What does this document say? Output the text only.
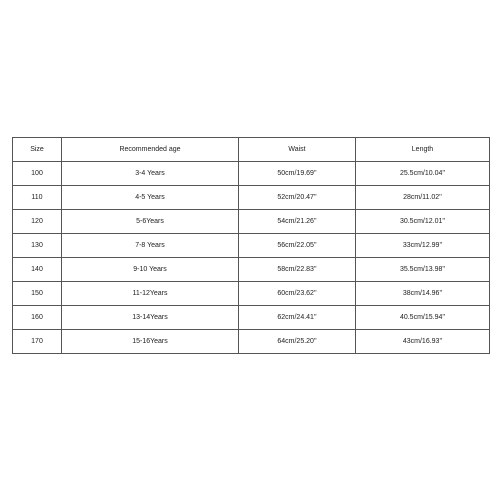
Size	Recommended age	Waist	Length
100	3-4 Years	50cm/19.69''	25.5cm/10.04''
110	4-5 Years	52cm/20.47''	28cm/11.02''
120	5-6Years	54cm/21.26''	30.5cm/12.01''
130	7-8 Years	56cm/22.05''	33cm/12.99''
140	9-10 Years	58cm/22.83''	35.5cm/13.98''
150	11-12Years	60cm/23.62''	38cm/14.96''
160	13-14Years	62cm/24.41''	40.5cm/15.94''
170	15-16Years	64cm/25.20''	43cm/16.93''
